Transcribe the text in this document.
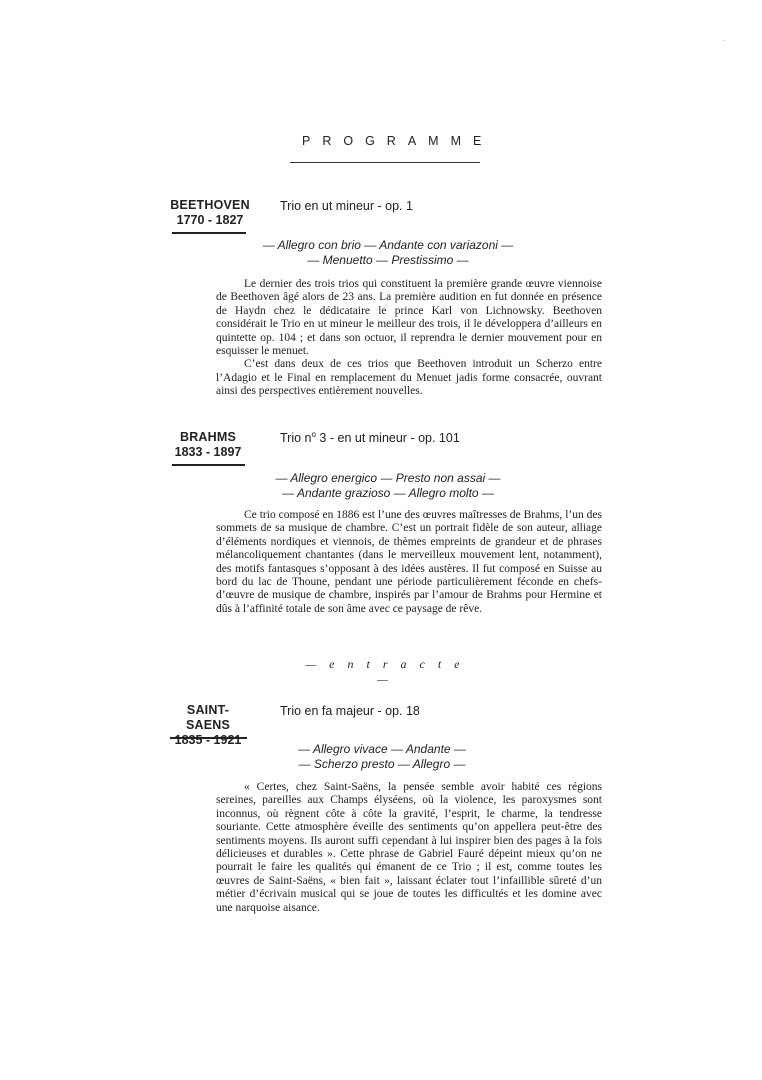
PROGRAMME
BEETHOVEN
1770 - 1827
Trio en ut mineur - op. 1
— Allegro con brio — Andante con variazoni —
— Menuetto — Prestissimo —

Le dernier des trois trios qui constituent la première grande œuvre viennoise de Beethoven âgé alors de 23 ans. La première audition en fut donnée en présence de Haydn chez le dédicataire le prince Karl von Lichnowsky. Beethoven considérait le Trio en ut mineur le meilleur des trois, il le développera d’ailleurs en quintette op. 104 ; et dans son octuor, il reprendra le dernier mouvement pour en esquisser le menuet.

C’est dans deux de ces trios que Beethoven introduit un Scherzo entre l’Adagio et le Final en remplacement du Menuet jadis forme consacrée, ouvrant ainsi des perspectives entièrement nouvelles.

BRAHMS
1833 - 1897
Trio $n^o$ 3 - en ut mineur - op. 101
— Allegro energico — Presto non assai —
— Andante grazioso — Allegro molto —

Ce trio composé en 1886 est l’une des œuvres maîtresses de Brahms, l’un des sommets de sa musique de chambre. C’est un portrait fidèle de son auteur, alliage d’éléments nordiques et viennois, de thèmes empreints de grandeur et de phrases mélancoliquement chantantes (dans le merveilleux mouvement lent, notamment), des motifs fantasques s’opposant à des idées austères. Il fut composé en Suisse au bord du lac de Thoune, pendant une période particulièrement féconde en chefs-d’œuvre de musique de chambre, inspirés par l’amour de Brahms pour Hermine et dûs à l’affinité totale de son âme avec ce paysage de rêve.

— e n t r a c t e —
SAINT-SAENS
1835 - 1921
Trio en fa majeur - op. 18
— Allegro vivace — Andante —
— Scherzo presto — Allegro —

« Certes, chez Saint-Saëns, la pensée semble avoir habité ces régions sereines, pareilles aux Champs élyséens, où la violence, les paroxysmes sont inconnus, où règnent côte à côte la gravité, l’esprit, le charme, la tendresse souriante. Cette atmosphère éveille des sentiments qu’on appellera peut-être des sentiments moyens. Ils auront suffi cependant à lui inspirer bien des pages à la fois délicieuses et durables ». Cette phrase de Gabriel Fauré dépeint mieux qu’on ne pourrait le faire les qualités qui émanent de ce Trio ; il est, comme toutes les œuvres de Saint-Saëns, « bien fait », laissant éclater tout l’infaillible sûreté d’un métier d’écrivain musical qui se joue de toutes les difficultés et les domine avec une narquoise aisance.

·
